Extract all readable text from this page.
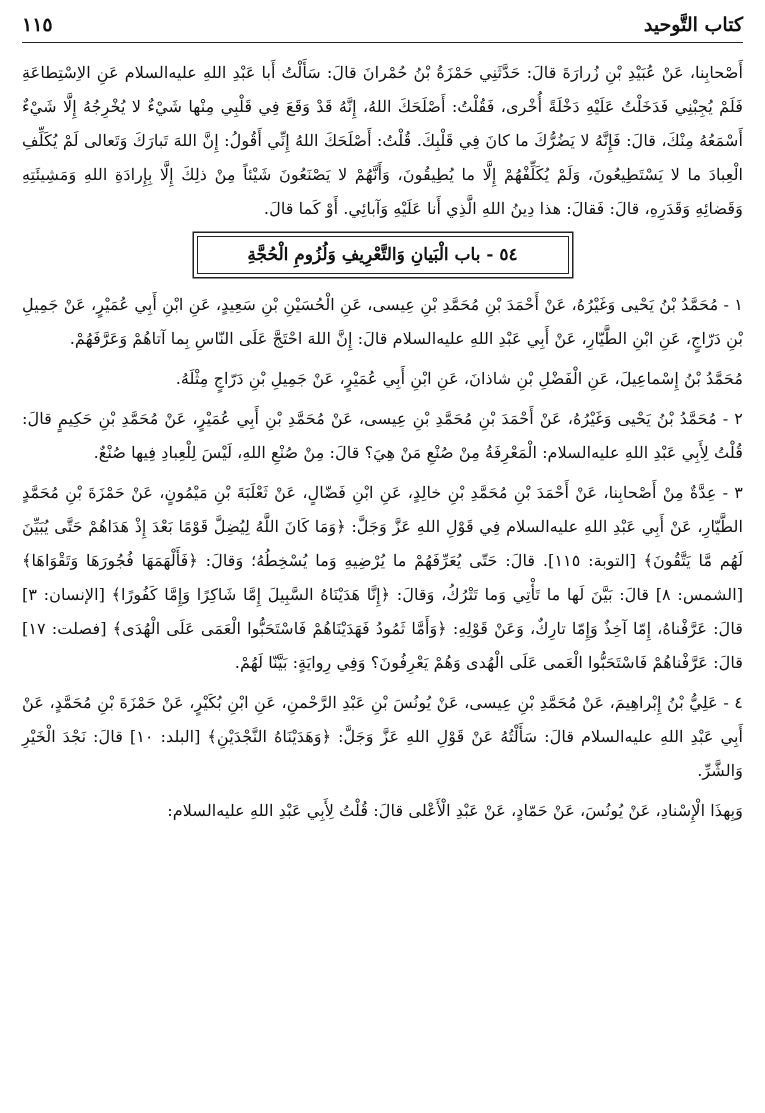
كتاب التَّوحيد
١١٥

أَصْحابِنا، عَنْ عُبَيْدِ بْنِ زُرارَةَ قالَ: حَدَّثَنِي حَمْزَةُ بْنُ حُمْرانَ قالَ: سَأَلْتُ أَبا عَبْدِ اللهِ عليه‌السلام عَنِ الاِسْتِطاعَةِ فَلَمْ يُجِبْنِي فَدَخَلْتُ عَلَيْهِ دَخْلَةً أُخْرى، فَقُلْتُ: أَصْلَحَكَ اللهُ، إِنَّهُ قَدْ وَقَعَ فِي قَلْبِي مِنْها شَيْءٌ لا يُخْرِجُهُ إِلَّا شَيْءٌ أَسْمَعُهُ مِنْكَ، قالَ: فَإِنَّهُ لا يَضُرُّكَ ما كانَ فِي قَلْبِكَ. قُلْتُ: أَصْلَحَكَ اللهُ إِنِّي أَقُولُ: إِنَّ اللهَ تَبارَكَ وَتَعالى لَمْ يُكَلِّفِ الْعِبادَ ما لا يَسْتَطِيعُونَ، وَلَمْ يُكَلِّفْهُمْ إِلَّا ما يُطِيقُونَ، وَأَنَّهُمْ لا يَصْنَعُونَ شَيْئاً مِنْ ذلِكَ إِلَّا بِإِرادَةِ اللهِ وَمَشِيئَتِهِ وَقَضائِهِ وَقَدَرِهِ، قالَ: فَقالَ: هذا دِينُ اللهِ الَّذِي أَنا عَلَيْهِ وَآبائِي. أَوْ كَما قالَ.

٥٤ - باب الْبَيانِ وَالتَّعْرِيفِ وَلُزُومِ الْحُجَّةِ

١ - مُحَمَّدُ بْنُ يَحْيى وَغَيْرُهُ، عَنْ أَحْمَدَ بْنِ مُحَمَّدِ بْنِ عِيسى، عَنِ الْحُسَيْنِ بْنِ سَعِيدٍ، عَنِ ابْنِ أَبِي عُمَيْرٍ، عَنْ جَمِيلِ بْنِ دَرّاجٍ، عَنِ ابْنِ الطَّيّارِ، عَنْ أَبِي عَبْدِ اللهِ عليه‌السلام قالَ: إِنَّ اللهَ احْتَجَّ عَلَى النّاسِ بِما آتاهُمْ وَعَرَّفَهُمْ.

مُحَمَّدُ بْنُ إِسْماعِيلَ، عَنِ الْفَضْلِ بْنِ شاذانَ، عَنِ ابْنِ أَبِي عُمَيْرٍ، عَنْ جَمِيلِ بْنِ دَرّاجٍ مِثْلَهُ.

٢ - مُحَمَّدُ بْنُ يَحْيى وَغَيْرُهُ، عَنْ أَحْمَدَ بْنِ مُحَمَّدِ بْنِ عِيسى، عَنْ مُحَمَّدِ بْنِ أَبِي عُمَيْرٍ، عَنْ مُحَمَّدِ بْنِ حَكِيمٍ قالَ: قُلْتُ لِأَبِي عَبْدِ اللهِ عليه‌السلام: الْمَعْرِفَةُ مِنْ صُنْعِ مَنْ هِيَ؟ قالَ: مِنْ صُنْعِ اللهِ، لَيْسَ لِلْعِبادِ فِيها صُنْعٌ.

٣ - عِدَّةٌ مِنْ أَصْحابِنا، عَنْ أَحْمَدَ بْنِ مُحَمَّدِ بْنِ خالِدٍ، عَنِ ابْنِ فَضّالٍ، عَنْ ثَعْلَبَةَ بْنِ مَيْمُونٍ، عَنْ حَمْزَةَ بْنِ مُحَمَّدٍ الطَّيّارِ، عَنْ أَبِي عَبْدِ اللهِ عليه‌السلام فِي قَوْلِ اللهِ عَزَّ وَجَلَّ: ﴿وَمَا كَانَ اللَّهُ لِيُضِلَّ قَوْمًا بَعْدَ إِذْ هَدَاهُمْ حَتَّى يُبَيِّنَ لَهُم مَّا يَتَّقُونَ﴾ [التوبة: ١١٥]. قالَ: حَتّى يُعَرِّفَهُمْ ما يُرْضِيهِ وَما يُسْخِطُهُ؛ وَقالَ: ﴿فَأَلْهَمَهَا فُجُورَهَا وَتَقْوَاهَا﴾ [الشمس: ٨] قالَ: بَيَّنَ لَها ما تَأْتِي وَما تَتْرُكُ، وَقالَ: ﴿إِنَّا هَدَيْنَاهُ السَّبِيلَ إِمَّا شَاكِرًا وَإِمَّا كَفُورًا﴾ [الإنسان: ٣] قالَ: عَرَّفْناهُ، إِمّا آخِذٌ وَإِمّا تارِكٌ، وَعَنْ قَوْلِهِ: ﴿وَأَمَّا ثَمُودُ فَهَدَيْنَاهُمْ فَاسْتَحَبُّوا الْعَمَى عَلَى الْهُدَى﴾ [فصلت: ١٧] قالَ: عَرَّفْناهُمْ فَاسْتَحَبُّوا الْعَمى عَلَى الْهُدى وَهُمْ يَعْرِفُونَ؟ وَفِي رِوايَةٍ: بَيَّنّا لَهُمْ.

٤ - عَلِيُّ بْنُ إِبْراهِيمَ، عَنْ مُحَمَّدِ بْنِ عِيسى، عَنْ يُونُسَ بْنِ عَبْدِ الرَّحْمنِ، عَنِ ابْنِ بُكَيْرٍ، عَنْ حَمْزَةَ بْنِ مُحَمَّدٍ، عَنْ أَبِي عَبْدِ اللهِ عليه‌السلام قالَ: سَأَلْتُهُ عَنْ قَوْلِ اللهِ عَزَّ وَجَلَّ: ﴿وَهَدَيْنَاهُ النَّجْدَيْنِ﴾ [البلد: ١٠] قالَ: نَجْدَ الْخَيْرِ وَالشَّرِّ.

وَبِهذَا الْإِسْنادِ، عَنْ يُونُسَ، عَنْ حَمّادٍ، عَنْ عَبْدِ الْأَعْلى قالَ: قُلْتُ لِأَبِي عَبْدِ اللهِ عليه‌السلام:
